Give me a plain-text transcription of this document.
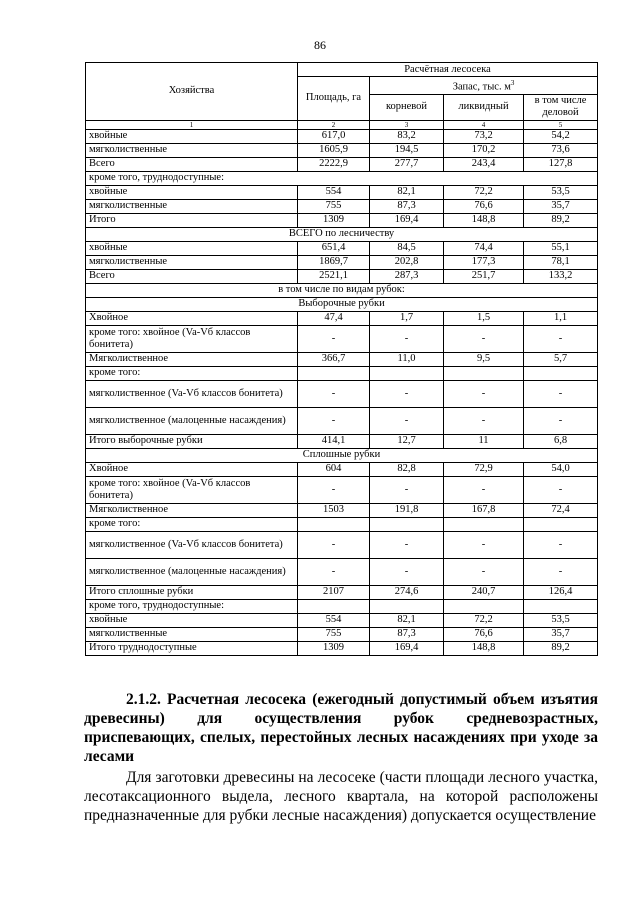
86
Хозяйства	Расчётная лесосека			
	Площадь, га	Запас, тыс. $м^3$
		корневой	ликвидный	в том числе деловой
1	2	3	4	5
хвойные	617,0	83,2	73,2	54,2
мягколиственные	1605,9	194,5	170,2	73,6
Всего	2222,9	277,7	243,4	127,8
кроме того, труднодоступные:				
хвойные	554	82,1	72,2	53,5
мягколиственные	755	87,3	76,6	35,7
Итого	1309	169,4	148,8	89,2
ВСЕГО по лесничеству				
хвойные	651,4	84,5	74,4	55,1
мягколиственные	1869,7	202,8	177,3	78,1
Всего	2521,1	287,3	251,7	133,2
в том числе по видам рубок:				
Выборочные рубки				
Хвойное	47,4	1,7	1,5	1,1
кроме того: хвойное (Va-Vб классов бонитета)	-	-	-	-
Мягколиственное	366,7	11,0	9,5	5,7
кроме того:				
мягколиственное (Va-Vб классов бонитета)	-	-	-	-
мягколиственное (малоценные насаждения)	-	-	-	-
Итого выборочные рубки	414,1	12,7	11	6,8
Сплошные рубки				
Хвойное	604	82,8	72,9	54,0
кроме того: хвойное (Va-Vб классов бонитета)	-	-	-	-
Мягколиственное	1503	191,8	167,8	72,4
кроме того:				
мягколиственное (Va-Vб классов бонитета)	-	-	-	-
мягколиственное (малоценные насаждения)	-	-	-	-
Итого сплошные рубки	2107	274,6	240,7	126,4
кроме того, труднодоступные:				
хвойные	554	82,1	72,2	53,5
мягколиственные	755	87,3	76,6	35,7
Итого труднодоступные	1309	169,4	148,8	89,2

2.1.2. Расчетная лесосека (ежегодный допустимый объем изъятия древесины) для осуществления рубок средневозрастных, приспевающих, спелых, перестойных лесных насаждениях при уходе за лесами

Для заготовки древесины на лесосеке (части площади лесного участка, лесотаксационного выдела, лесного квартала, на которой расположены предназначенные для рубки лесные насаждения) допускается осуществление
